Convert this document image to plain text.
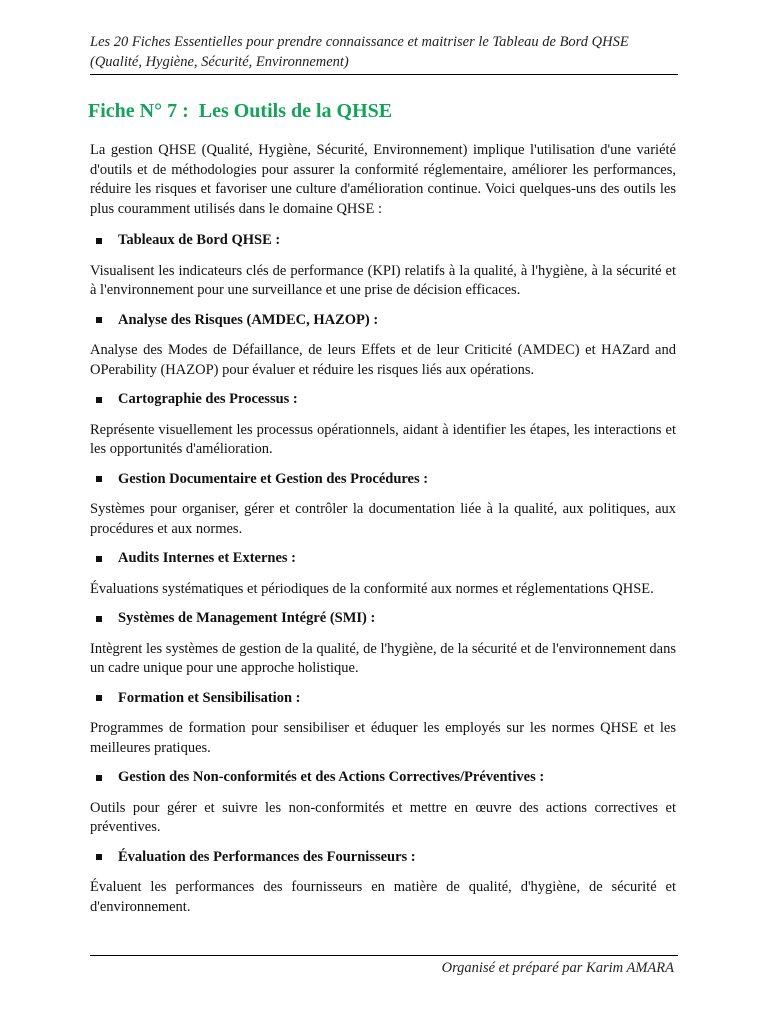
Les 20 Fiches Essentielles pour prendre connaissance et maitriser le Tableau de Bord QHSE
(Qualité, Hygiène, Sécurité, Environnement)
Fiche N° 7 :  Les Outils de la QHSE

La gestion QHSE (Qualité, Hygiène, Sécurité, Environnement) implique l'utilisation d'une variété d'outils et de méthodologies pour assurer la conformité réglementaire, améliorer les performances, réduire les risques et favoriser une culture d'amélioration continue. Voici quelques-uns des outils les plus couramment utilisés dans le domaine QHSE :

Tableaux de Bord QHSE :

Visualisent les indicateurs clés de performance (KPI) relatifs à la qualité, à l'hygiène, à la sécurité et à l'environnement pour une surveillance et une prise de décision efficaces.

Analyse des Risques (AMDEC, HAZOP) :

Analyse des Modes de Défaillance, de leurs Effets et de leur Criticité (AMDEC) et HAZard and OPerability (HAZOP) pour évaluer et réduire les risques liés aux opérations.

Cartographie des Processus :

Représente visuellement les processus opérationnels, aidant à identifier les étapes, les interactions et les opportunités d'amélioration.

Gestion Documentaire et Gestion des Procédures :

Systèmes pour organiser, gérer et contrôler la documentation liée à la qualité, aux politiques, aux procédures et aux normes.

Audits Internes et Externes :

Évaluations systématiques et périodiques de la conformité aux normes et réglementations QHSE.

Systèmes de Management Intégré (SMI) :

Intègrent les systèmes de gestion de la qualité, de l'hygiène, de la sécurité et de l'environnement dans un cadre unique pour une approche holistique.

Formation et Sensibilisation :

Programmes de formation pour sensibiliser et éduquer les employés sur les normes QHSE et les meilleures pratiques.

Gestion des Non-conformités et des Actions Correctives/Préventives :

Outils pour gérer et suivre les non-conformités et mettre en œuvre des actions correctives et préventives.

Évaluation des Performances des Fournisseurs :

Évaluent les performances des fournisseurs en matière de qualité, d'hygiène, de sécurité et d'environnement.

Organisé et préparé par Karim AMARA
